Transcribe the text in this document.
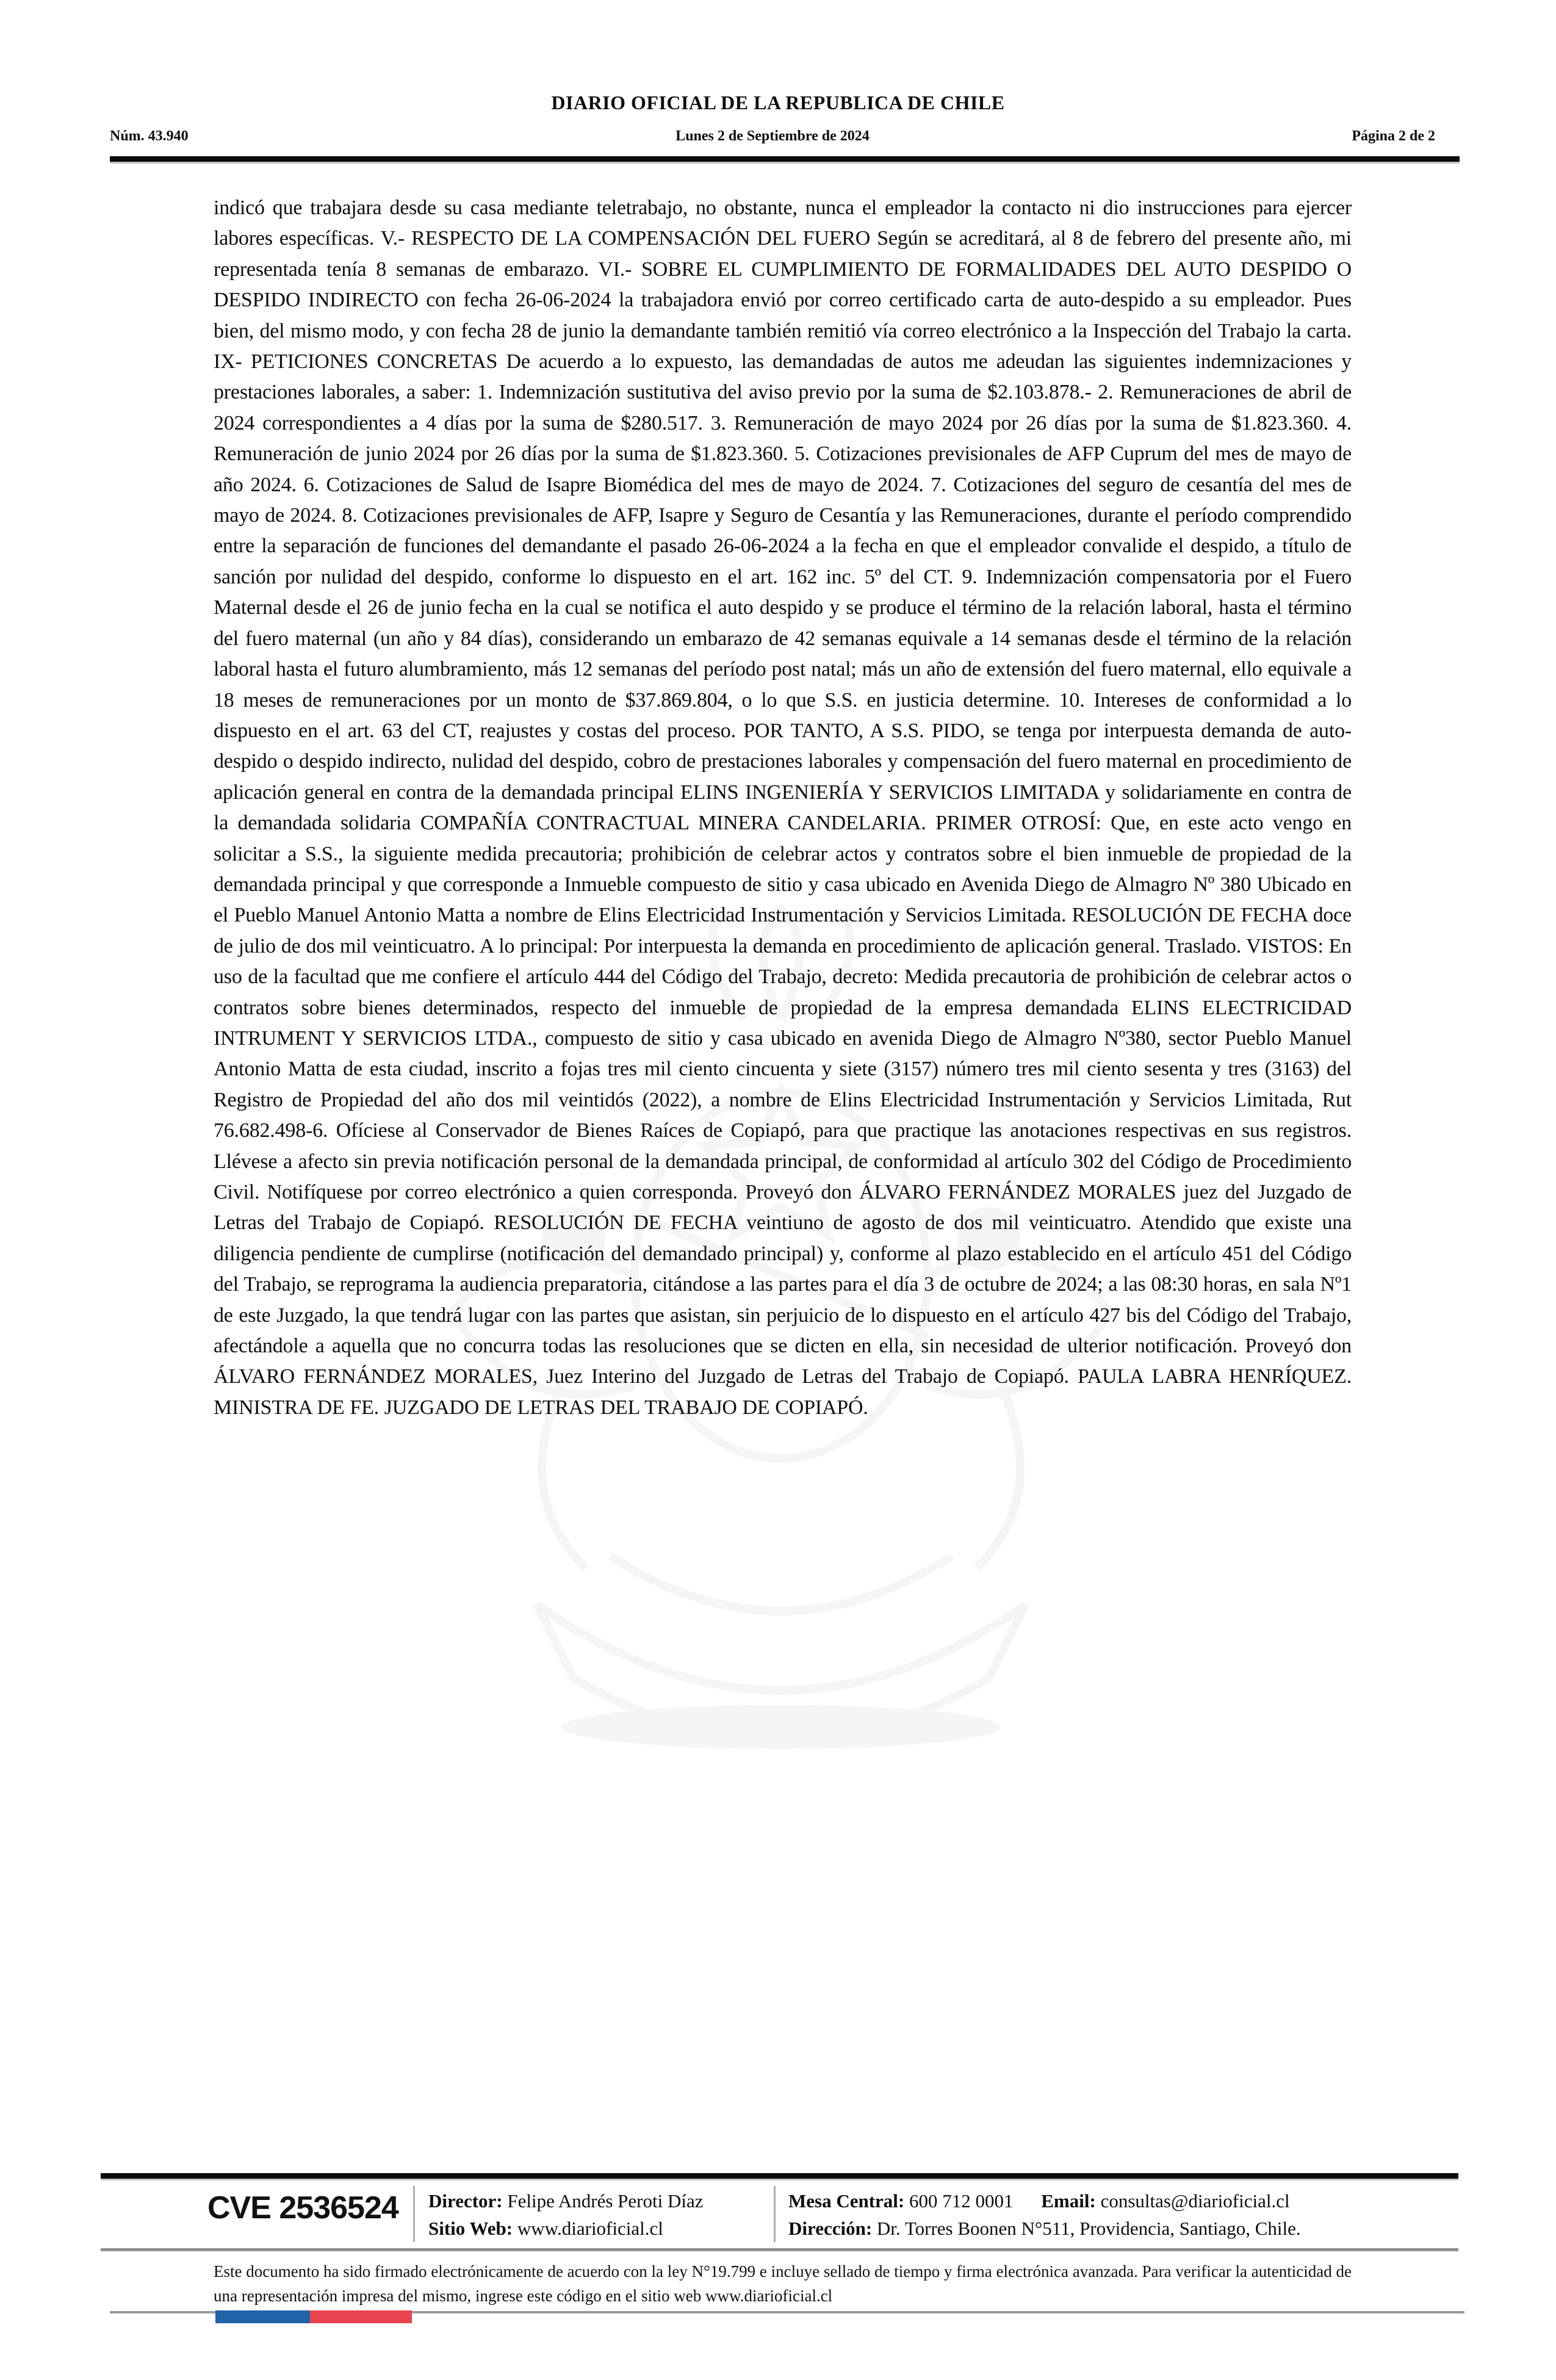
DIARIO OFICIAL DE LA REPUBLICA DE CHILE
Núm. 43.940	Lunes 2 de Septiembre de 2024	Página 2 de 2
indicó que trabajara desde su casa mediante teletrabajo, no obstante, nunca el empleador la contacto ni dio instrucciones para ejercer labores específicas. V.- RESPECTO DE LA COMPENSACIÓN DEL FUERO Según se acreditará, al 8 de febrero del presente año, mi representada tenía 8 semanas de embarazo. VI.- SOBRE EL CUMPLIMIENTO DE FORMALIDADES DEL AUTO DESPIDO O DESPIDO INDIRECTO con fecha 26-06-2024 la trabajadora envió por correo certificado carta de auto-despido a su empleador. Pues bien, del mismo modo, y con fecha 28 de junio la demandante también remitió vía correo electrónico a la Inspección del Trabajo la carta. IX- PETICIONES CONCRETAS De acuerdo a lo expuesto, las demandadas de autos me adeudan las siguientes indemnizaciones y prestaciones laborales, a saber: 1. Indemnización sustitutiva del aviso previo por la suma de $2.103.878.- 2. Remuneraciones de abril de 2024 correspondientes a 4 días por la suma de $280.517. 3. Remuneración de mayo 2024 por 26 días por la suma de $1.823.360. 4. Remuneración de junio 2024 por 26 días por la suma de $1.823.360. 5. Cotizaciones previsionales de AFP Cuprum del mes de mayo de año 2024. 6. Cotizaciones de Salud de Isapre Biomédica del mes de mayo de 2024. 7. Cotizaciones del seguro de cesantía del mes de mayo de 2024. 8. Cotizaciones previsionales de AFP, Isapre y Seguro de Cesantía y las Remuneraciones, durante el período comprendido entre la separación de funciones del demandante el pasado 26-06-2024 a la fecha en que el empleador convalide el despido, a título de sanción por nulidad del despido, conforme lo dispuesto en el art. 162 inc. 5º del CT. 9. Indemnización compensatoria por el Fuero Maternal desde el 26 de junio fecha en la cual se notifica el auto despido y se produce el término de la relación laboral, hasta el término del fuero maternal (un año y 84 días), considerando un embarazo de 42 semanas equivale a 14 semanas desde el término de la relación laboral hasta el futuro alumbramiento, más 12 semanas del período post natal; más un año de extensión del fuero maternal, ello equivale a 18 meses de remuneraciones por un monto de $37.869.804, o lo que S.S. en justicia determine. 10. Intereses de conformidad a lo dispuesto en el art. 63 del CT, reajustes y costas del proceso. POR TANTO, A S.S. PIDO, se tenga por interpuesta demanda de auto-despido o despido indirecto, nulidad del despido, cobro de prestaciones laborales y compensación del fuero maternal en procedimiento de aplicación general en contra de la demandada principal ELINS INGENIERÍA Y SERVICIOS LIMITADA y solidariamente en contra de la demandada solidaria COMPAÑÍA CONTRACTUAL MINERA CANDELARIA. PRIMER OTROSÍ: Que, en este acto vengo en solicitar a S.S., la siguiente medida precautoria; prohibición de celebrar actos y contratos sobre el bien inmueble de propiedad de la demandada principal y que corresponde a Inmueble compuesto de sitio y casa ubicado en Avenida Diego de Almagro Nº 380 Ubicado en el Pueblo Manuel Antonio Matta a nombre de Elins Electricidad Instrumentación y Servicios Limitada. RESOLUCIÓN DE FECHA doce de julio de dos mil veinticuatro. A lo principal: Por interpuesta la demanda en procedimiento de aplicación general. Traslado. VISTOS: En uso de la facultad que me confiere el artículo 444 del Código del Trabajo, decreto: Medida precautoria de prohibición de celebrar actos o contratos sobre bienes determinados, respecto del inmueble de propiedad de la empresa demandada ELINS ELECTRICIDAD INTRUMENT Y SERVICIOS LTDA., compuesto de sitio y casa ubicado en avenida Diego de Almagro Nº380, sector Pueblo Manuel Antonio Matta de esta ciudad, inscrito a fojas tres mil ciento cincuenta y siete (3157) número tres mil ciento sesenta y tres (3163) del Registro de Propiedad del año dos mil veintidós (2022), a nombre de Elins Electricidad Instrumentación y Servicios Limitada, Rut 76.682.498-6. Ofíciese al Conservador de Bienes Raíces de Copiapó, para que practique las anotaciones respectivas en sus registros. Llévese a afecto sin previa notificación personal de la demandada principal, de conformidad al artículo 302 del Código de Procedimiento Civil. Notifíquese por correo electrónico a quien corresponda. Proveyó don ÁLVARO FERNÁNDEZ MORALES juez del Juzgado de Letras del Trabajo de Copiapó. RESOLUCIÓN DE FECHA veintiuno de agosto de dos mil veinticuatro. Atendido que existe una diligencia pendiente de cumplirse (notificación del demandado principal) y, conforme al plazo establecido en el artículo 451 del Código del Trabajo, se reprograma la audiencia preparatoria, citándose a las partes para el día 3 de octubre de 2024; a las 08:30 horas, en sala Nº1 de este Juzgado, la que tendrá lugar con las partes que asistan, sin perjuicio de lo dispuesto en el artículo 427 bis del Código del Trabajo, afectándole a aquella que no concurra todas las resoluciones que se dicten en ella, sin necesidad de ulterior notificación. Proveyó don ÁLVARO FERNÁNDEZ MORALES, Juez Interino del Juzgado de Letras del Trabajo de Copiapó. PAULA LABRA HENRÍQUEZ. MINISTRA DE FE. JUZGADO DE LETRAS DEL TRABAJO DE COPIAPÓ.
CVE 2536524 Director: Felipe Andrés Peroti Díaz
Sitio Web: www.diarioficial.cl
Mesa Central: 600 712 0001 Email: consultas@diarioficial.cl
Dirección: Dr. Torres Boonen N°511, Providencia, Santiago, Chile.
Este documento ha sido firmado electrónicamente de acuerdo con la ley N°19.799 e incluye sellado de tiempo y firma electrónica avanzada. Para verificar la autenticidad de una representación impresa del mismo, ingrese este código en el sitio web www.diarioficial.cl
